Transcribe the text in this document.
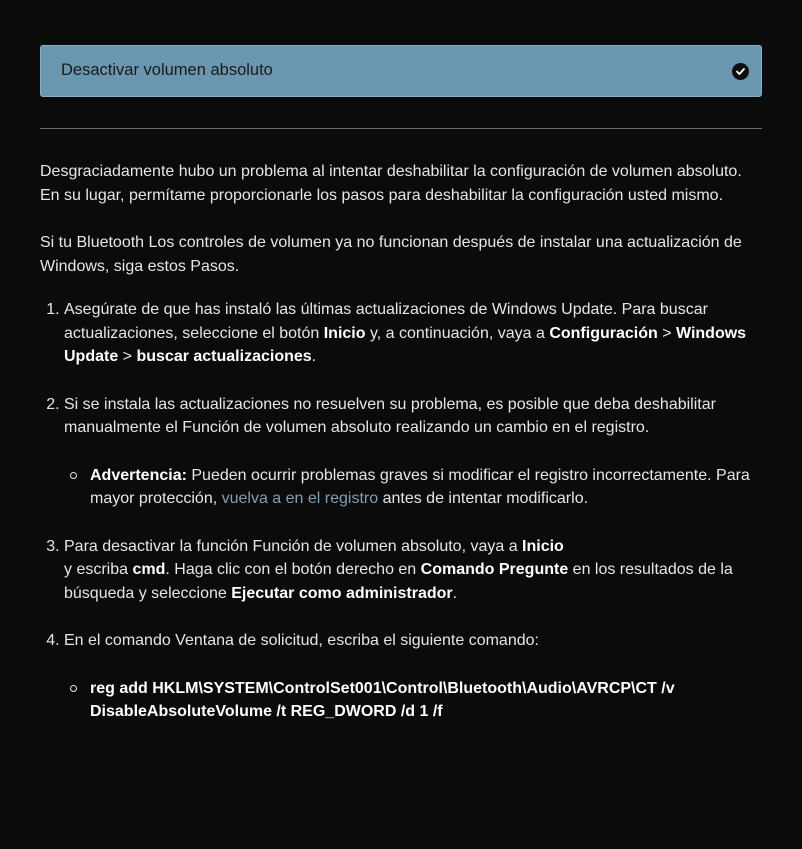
Desactivar volumen absoluto

Desgraciadamente hubo un problema al intentar deshabilitar la configuración de volumen absoluto. En su lugar, permítame proporcionarle los pasos para deshabilitar la configuración usted mismo.

Si tu Bluetooth Los controles de volumen ya no funcionan después de instalar una actualización de Windows, siga estos Pasos.

1. Asegúrate de que has instaló las últimas actualizaciones de Windows Update. Para buscar actualizaciones, seleccione el botón Inicio y, a continuación, vaya a Configuración > Windows Update > buscar actualizaciones.
2. Si se instala las actualizaciones no resuelven su problema, es posible que deba deshabilitar manualmente el Función de volumen absoluto realizando un cambio en el registro.
Advertencia: Pueden ocurrir problemas graves si modificar el registro incorrectamente. Para mayor protección, vuelva a en el registro antes de intentar modificarlo.
3. Para desactivar la función Función de volumen absoluto, vaya a Inicio
y escriba cmd. Haga clic con el botón derecho en Comando Pregunte en los resultados de la búsqueda y seleccione Ejecutar como administrador.
4. En el comando Ventana de solicitud, escriba el siguiente comando:
reg add HKLM\SYSTEM\ControlSet001\Control\Bluetooth\Audio\AVRCP\CT /v DisableAbsoluteVolume /t REG_DWORD /d 1 /f
